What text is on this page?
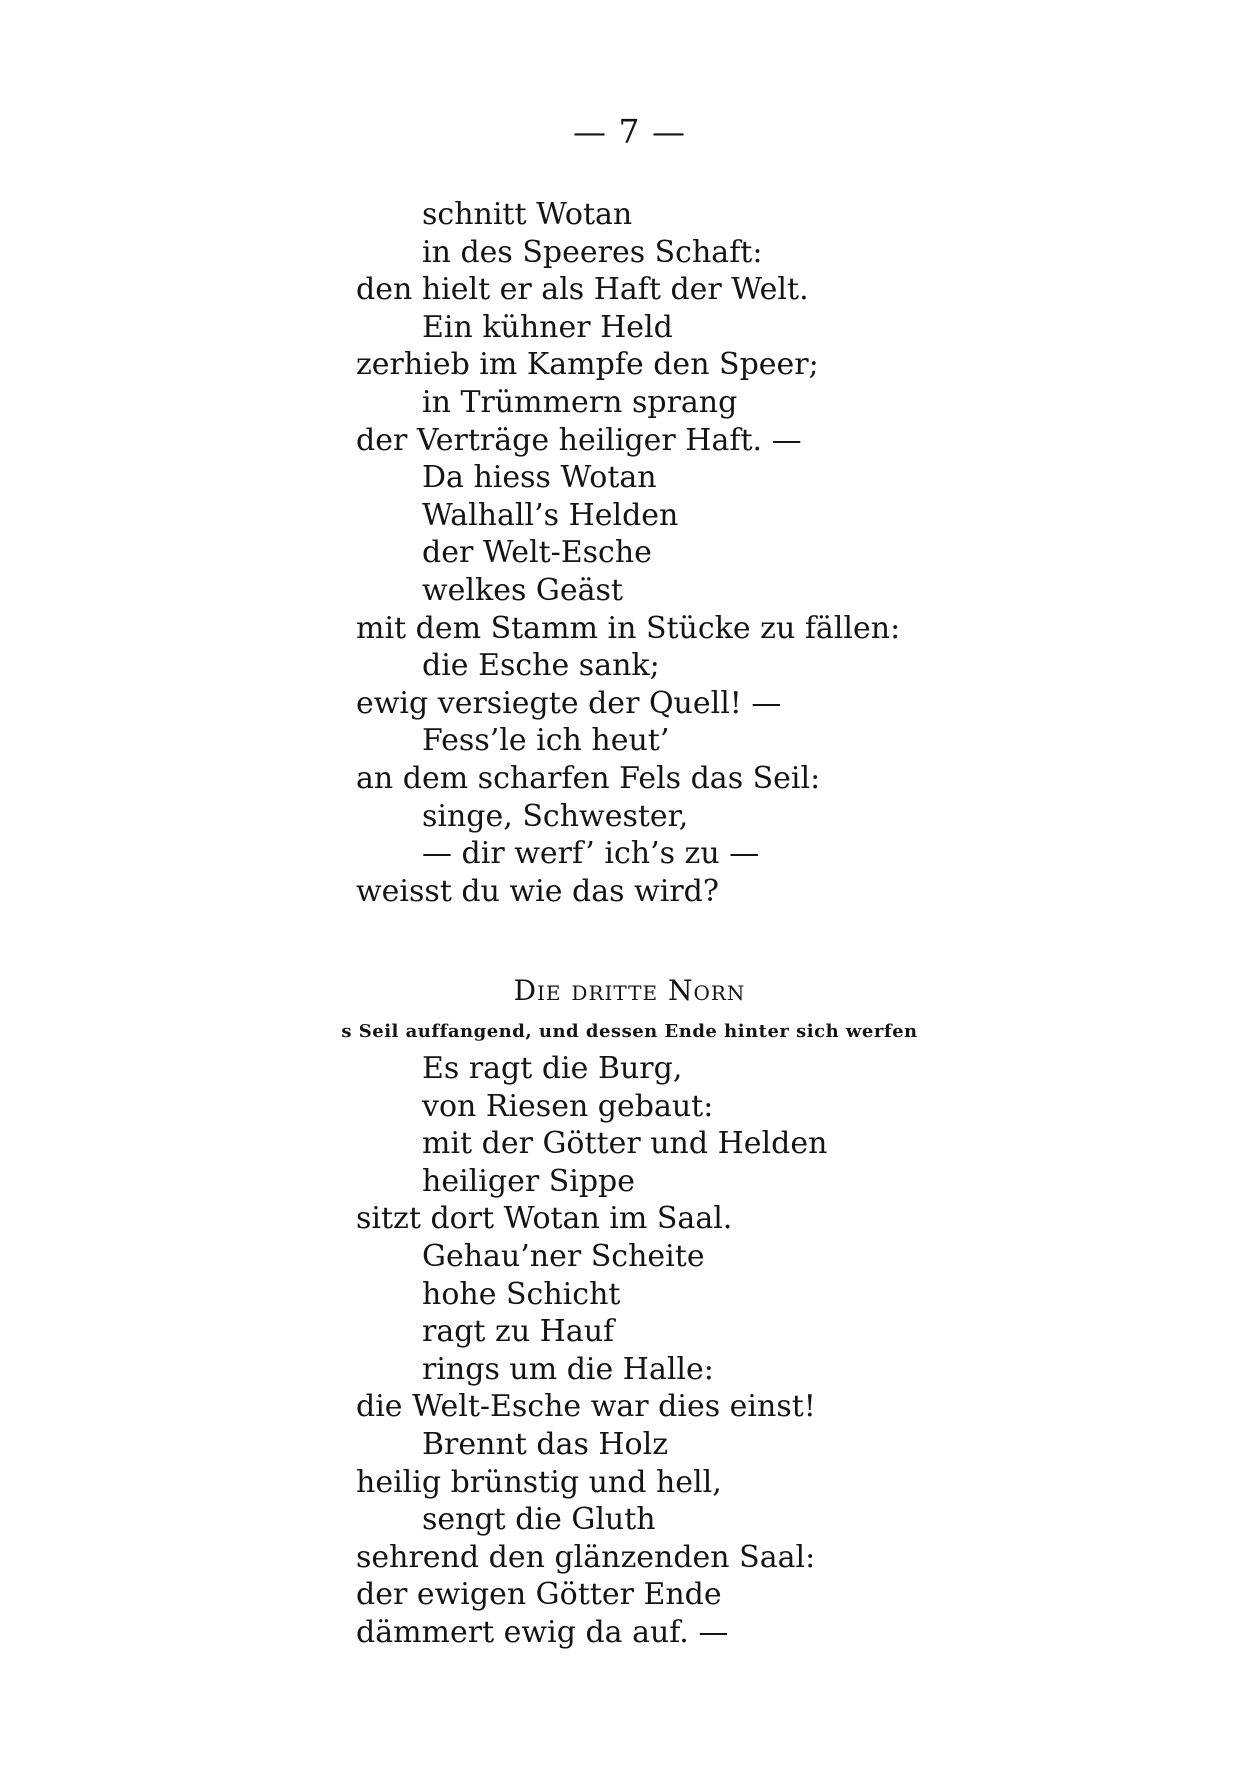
— 7 —
schnitt Wotan
in des Speeres Schaft:
den hielt er als Haft der Welt.
Ein kühner Held
zerhieb im Kampfe den Speer;
in Trümmern sprang
der Verträge heiliger Haft. —
Da hiess Wotan
Walhall’s Helden
der Welt-Esche
welkes Geäst
mit dem Stamm in Stücke zu fällen:
die Esche sank;
ewig versiegte der Quell! —
Fess’le ich heut’
an dem scharfen Fels das Seil:
singe, Schwester,
— dir werf’ ich’s zu —
weisst du wie das wird?
Die dritte Norn
s Seil auffangend, und dessen Ende hinter sich werfen
Es ragt die Burg,
von Riesen gebaut:
mit der Götter und Helden
heiliger Sippe
sitzt dort Wotan im Saal.
Gehau’ner Scheite
hohe Schicht
ragt zu Hauf
rings um die Halle:
die Welt-Esche war dies einst!
Brennt das Holz
heilig brünstig und hell,
sengt die Gluth
sehrend den glänzenden Saal:
der ewigen Götter Ende
dämmert ewig da auf. —
